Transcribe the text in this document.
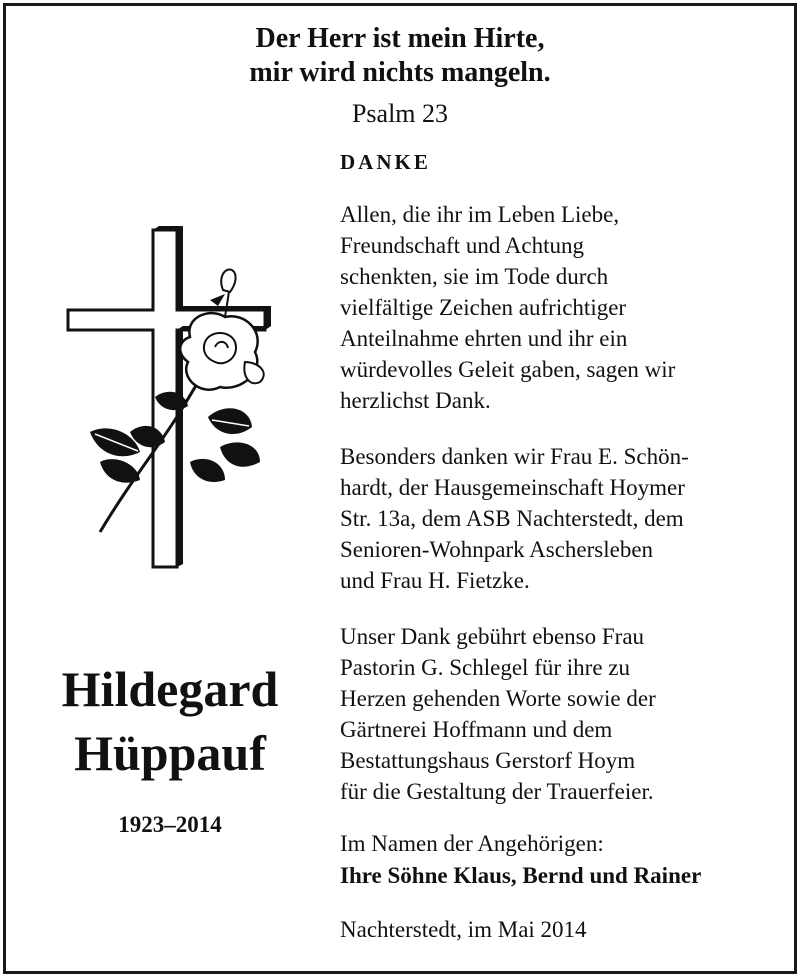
Der Herr ist mein Hirte,
mir wird nichts mangeln.
Psalm 23
DANKE

Allen, die ihr im Leben Liebe,
Freundschaft und Achtung
schenkten, sie im Tode durch
vielfältige Zeichen aufrichtiger
Anteilnahme ehrten und ihr ein
würdevolles Geleit gaben, sagen wir
herzlichst Dank.

Besonders danken wir Frau E. Schön-
hardt, der Hausgemeinschaft Hoymer
Str. 13a, dem ASB Nachterstedt, dem
Senioren-Wohnpark Aschersleben
und Frau H. Fietzke.

Unser Dank gebührt ebenso Frau
Pastorin G. Schlegel für ihre zu
Herzen gehenden Worte sowie der
Gärtnerei Hoffmann und dem
Bestattungshaus Gerstorf Hoym
für die Gestaltung der Trauerfeier.

Im Namen der Angehörigen:
Ihre Söhne Klaus, Bernd und Rainer
Nachterstedt, im Mai 2014
Hildegard
Hüppauf
1923–2014
